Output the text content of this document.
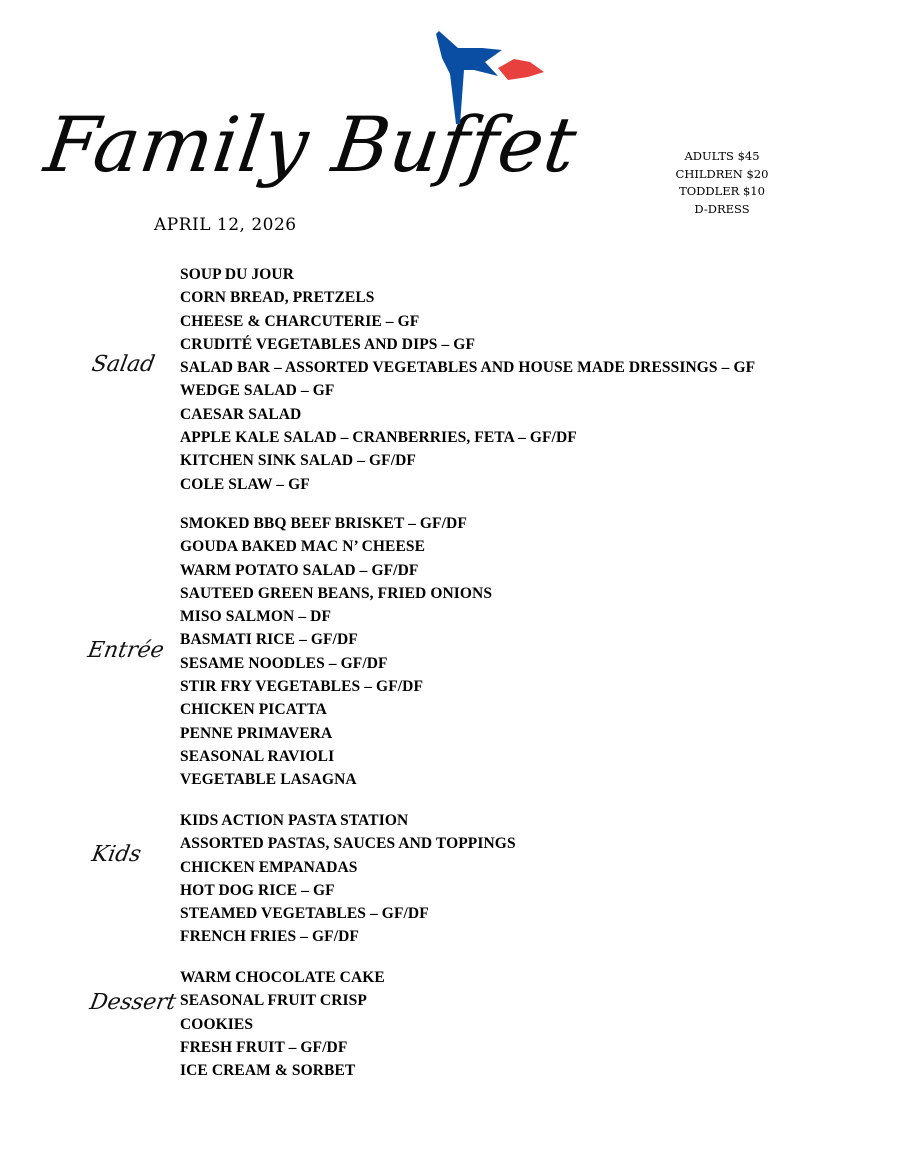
Family Buffet
APRIL 12, 2026
ADULTS $45
CHILDREN $20
TODDLER $10
D-DRESS
Salad
SOUP DU JOUR
CORN BREAD, PRETZELS
CHEESE & CHARCUTERIE – GF
CRUDITÉ VEGETABLES AND DIPS – GF
SALAD BAR – ASSORTED VEGETABLES AND HOUSE MADE DRESSINGS – GF
WEDGE SALAD – GF
CAESAR SALAD
APPLE KALE SALAD – CRANBERRIES, FETA – GF/DF
KITCHEN SINK SALAD – GF/DF
COLE SLAW – GF
Entrée
SMOKED BBQ BEEF BRISKET – GF/DF
GOUDA BAKED MAC N’ CHEESE
WARM POTATO SALAD – GF/DF
SAUTEED GREEN BEANS, FRIED ONIONS
MISO SALMON – DF
BASMATI RICE – GF/DF
SESAME NOODLES – GF/DF
STIR FRY VEGETABLES – GF/DF
CHICKEN PICATTA
PENNE PRIMAVERA
SEASONAL RAVIOLI
VEGETABLE LASAGNA
Kids
KIDS ACTION PASTA STATION
ASSORTED PASTAS, SAUCES AND TOPPINGS
CHICKEN EMPANADAS
HOT DOG RICE – GF
STEAMED VEGETABLES – GF/DF
FRENCH FRIES – GF/DF
Dessert
WARM CHOCOLATE CAKE
SEASONAL FRUIT CRISP
COOKIES
FRESH FRUIT – GF/DF
ICE CREAM & SORBET
